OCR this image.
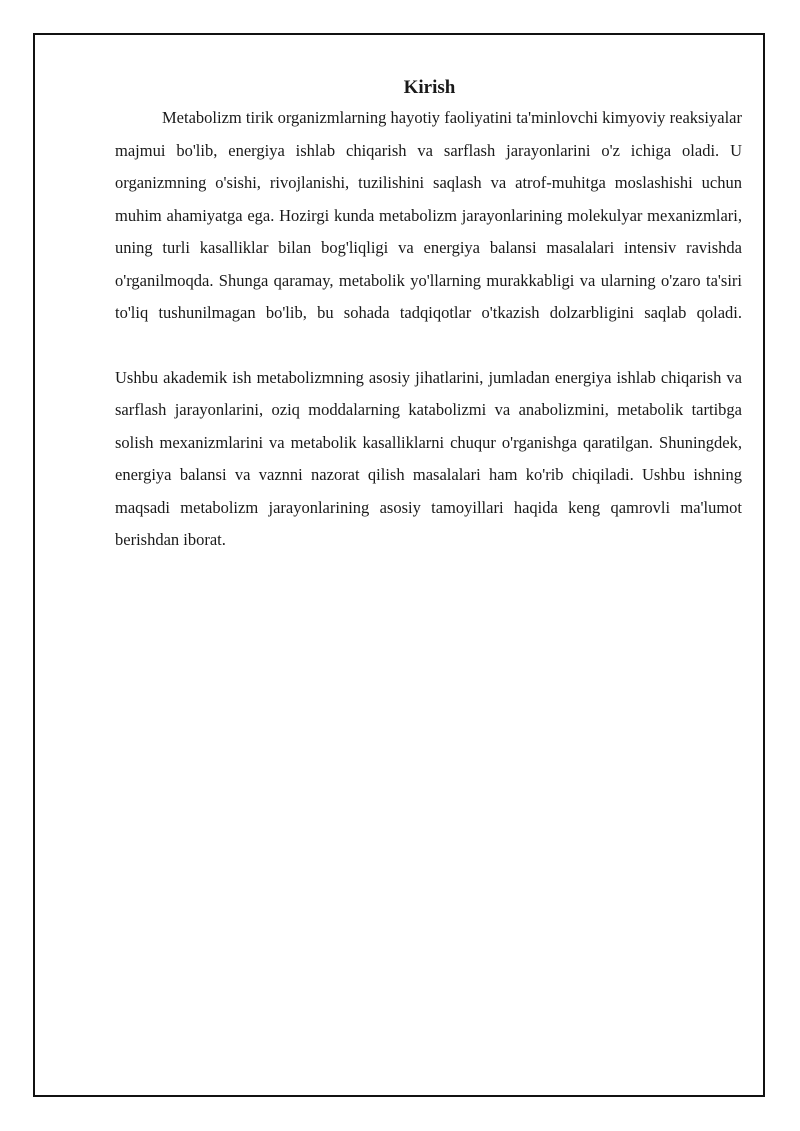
Kirish

Metabolizm tirik organizmlarning hayotiy faoliyatini ta'minlovchi kimyoviy reaksiyalar majmui bo'lib, energiya ishlab chiqarish va sarflash jarayonlarini o'z ichiga oladi. U organizmning o'sishi, rivojlanishi, tuzilishini saqlash va atrof-muhitga moslashishi uchun muhim ahamiyatga ega. Hozirgi kunda metabolizm jarayonlarining molekulyar mexanizmlari, uning turli kasalliklar bilan bog'liqligi va energiya balansi masalalari intensiv ravishda o'rganilmoqda. Shunga qaramay, metabolik yo'llarning murakkabligi va ularning o'zaro ta'siri to'liq tushunilmagan bo'lib, bu sohada tadqiqotlar o'tkazish dolzarbligini saqlab qoladi.

Ushbu akademik ish metabolizmning asosiy jihatlarini, jumladan energiya ishlab chiqarish va sarflash jarayonlarini, oziq moddalarning katabolizmi va anabolizmini, metabolik tartibga solish mexanizmlarini va metabolik kasalliklarni chuqur o'rganishga qaratilgan. Shuningdek, energiya balansi va vaznni nazorat qilish masalalari ham ko'rib chiqiladi. Ushbu ishning maqsadi metabolizm jarayonlarining asosiy tamoyillari haqida keng qamrovli ma'lumot berishdan iborat.
